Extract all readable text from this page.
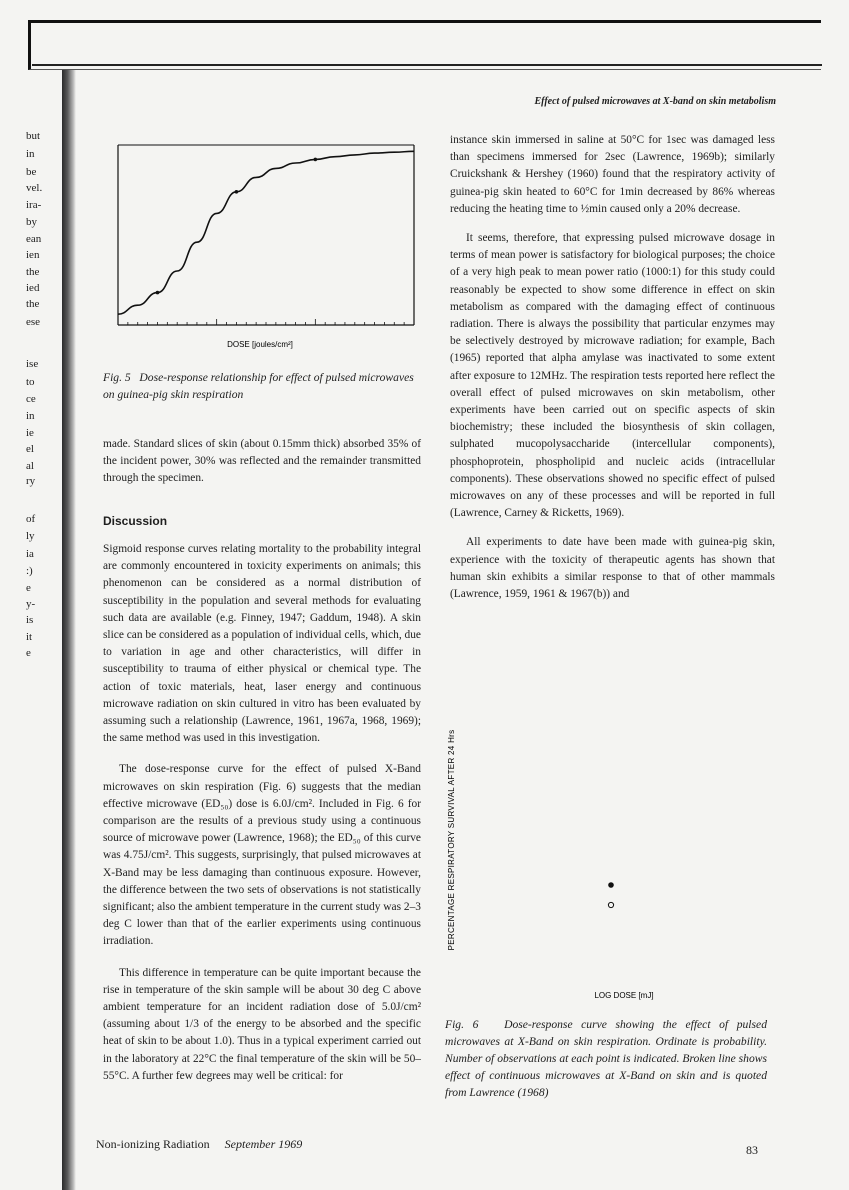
Effect of pulsed microwaves at X-band on skin metabolism
but
in
be
vel.
ira-
by
ean
ien
the
ied
the
ese
ise
to
ce
in
ie
el
al
ry
of
ly
ia
:)
e
y-
is
it
e
DOSE [joules/cm²]
Fig. 5 Dose-response relationship for effect of pulsed microwaves on guinea-pig skin respiration

made. Standard slices of skin (about 0.15mm thick) absorbed 35% of the incident power, 30% was reflected and the remainder transmitted through the specimen.

Discussion

Sigmoid response curves relating mortality to the probability integral are commonly encountered in toxicity experiments on animals; this phenomenon can be considered as a normal distribution of susceptibility in the population and several methods for evaluating such data are available (e.g. Finney, 1947; Gaddum, 1948). A skin slice can be considered as a population of individual cells, which, due to variation in age and other characteristics, will differ in susceptibility to trauma of either physical or chemical type. The action of toxic materials, heat, laser energy and continuous microwave radiation on skin cultured in vitro has been evaluated by assuming such a relationship (Lawrence, 1961, 1967a, 1968, 1969); the same method was used in this investigation.

The dose-response curve for the effect of pulsed X-Band microwaves on skin respiration (Fig. 6) suggests that the median effective microwave (ED₅₀) dose is 6.0J/cm². Included in Fig. 6 for comparison are the results of a previous study using a continuous source of microwave power (Lawrence, 1968); the ED₅₀ of this curve was 4.75J/cm². This suggests, surprisingly, that pulsed microwaves at X-Band may be less damaging than continuous exposure. However, the difference between the two sets of observations is not statistically significant; also the ambient temperature in the current study was 2–3 deg C lower than that of the earlier experiments using continuous irradiation.

This difference in temperature can be quite important because the rise in temperature of the skin sample will be about 30 deg C above ambient temperature for an incident radiation dose of 5.0J/cm² (assuming about 1/3 of the energy to be absorbed and the specific heat of skin to be about 1.0). Thus in a typical experiment carried out in the laboratory at 22°C the final temperature of the skin will be 50–55°C. A further few degrees may well be critical: for

instance skin immersed in saline at 50°C for 1sec was damaged less than specimens immersed for 2sec (Lawrence, 1969b); similarly Cruickshank & Hershey (1960) found that the respiratory activity of guinea-pig skin heated to 60°C for 1min decreased by 86% whereas reducing the heating time to ½min caused only a 20% decrease.

It seems, therefore, that expressing pulsed microwave dosage in terms of mean power is satisfactory for biological purposes; the choice of a very high peak to mean power ratio (1000:1) for this study could reasonably be expected to show some difference in effect on skin metabolism as compared with the damaging effect of continuous radiation. There is always the possibility that particular enzymes may be selectively destroyed by microwave radiation; for example, Bach (1965) reported that alpha amylase was inactivated to some extent after exposure to 12MHz. The respiration tests reported here reflect the overall effect of pulsed microwaves on skin metabolism, other experiments have been carried out on specific aspects of skin biochemistry; these included the biosynthesis of skin collagen, sulphated mucopolysaccharide (intercellular components), phosphoprotein, phospholipid and nucleic acids (intracellular components). These observations showed no specific effect of pulsed microwaves on any of these processes and will be reported in full (Lawrence, Carney & Ricketts, 1969).

All experiments to date have been made with guinea-pig skin, experience with the toxicity of therapeutic agents has shown that human skin exhibits a similar response to that of other mammals (Lawrence, 1959, 1961 & 1967(b)) and

PERCENTAGE RESPIRATORY SURVIVAL AFTER 24 Hrs
LOG DOSE [mJ]
Fig. 6 Dose-response curve showing the effect of pulsed microwaves at X-Band on skin respiration. Ordinate is probability. Number of observations at each point is indicated. Broken line shows effect of continuous microwaves at X-Band on skin and is quoted from Lawrence (1968)
Non-ionizing Radiation September 1969	83
